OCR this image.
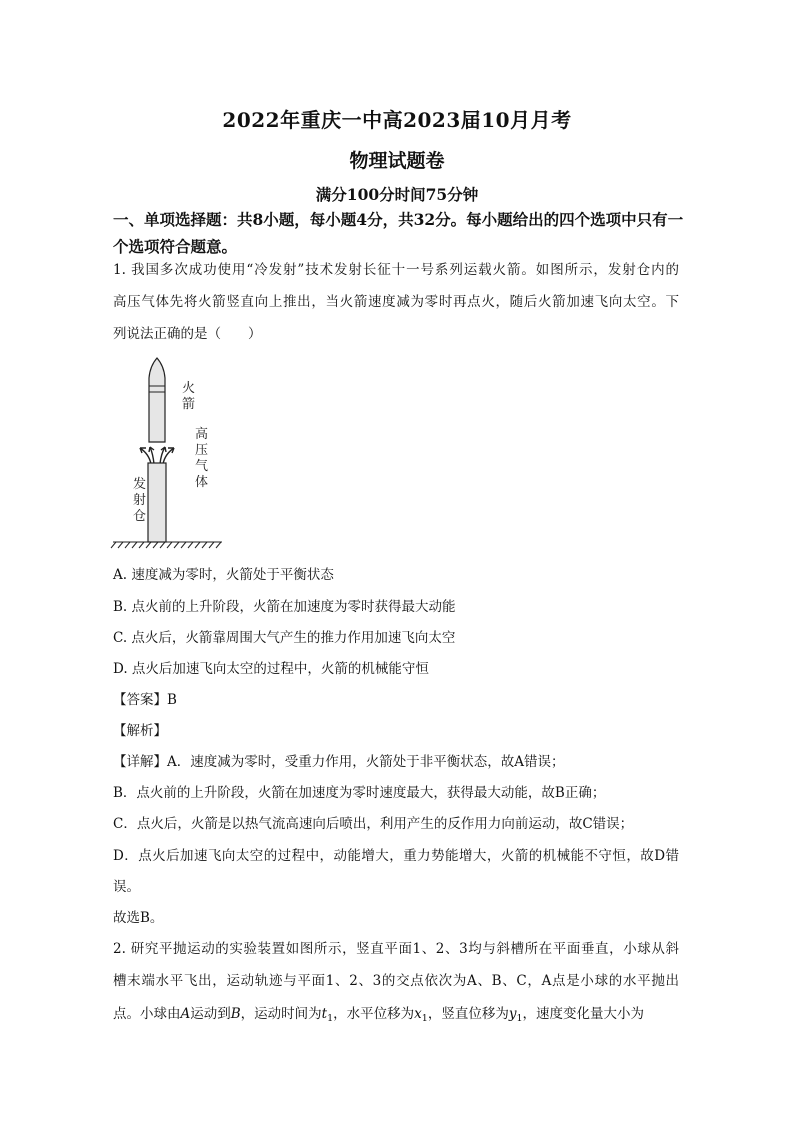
2022年重庆一中高2023届10月月考
物理试题卷
满分100分时间75分钟
一、单项选择题：共8小题，每小题4分，共32分。每小题给出的四个选项中只有一个选项符合题意。
1. 我国多次成功使用“冷发射”技术发射长征十一号系列运载火箭。如图所示，发射仓内的
高压气体先将火箭竖直向上推出，当火箭速度减为零时再点火，随后火箭加速飞向太空。下
列说法正确的是（　　）
火箭
高压气体
发射仓
A. 速度减为零时，火箭处于平衡状态
B. 点火前的上升阶段，火箭在加速度为零时获得最大动能
C. 点火后，火箭靠周围大气产生的推力作用加速飞向太空
D. 点火后加速飞向太空的过程中，火箭的机械能守恒
【答案】B
【解析】
【详解】A．速度减为零时，受重力作用，火箭处于非平衡状态，故A错误；
B．点火前的上升阶段，火箭在加速度为零时速度最大，获得最大动能，故B正确；
C．点火后，火箭是以热气流高速向后喷出，利用产生的反作用力向前运动，故C错误；
D．点火后加速飞向太空的过程中，动能增大，重力势能增大，火箭的机械能不守恒，故D错
误。
故选B。
2. 研究平抛运动的实验装置如图所示，竖直平面1、2、3均与斜槽所在平面垂直，小球从斜
槽末端水平飞出，运动轨迹与平面1、2、3的交点依次为A、B、C，A点是小球的水平抛出
点。小球由A运动到B，运动时间为$t_1$，水平位移为$x_1$，竖直位移为$y_1$，速度变化量大小为
